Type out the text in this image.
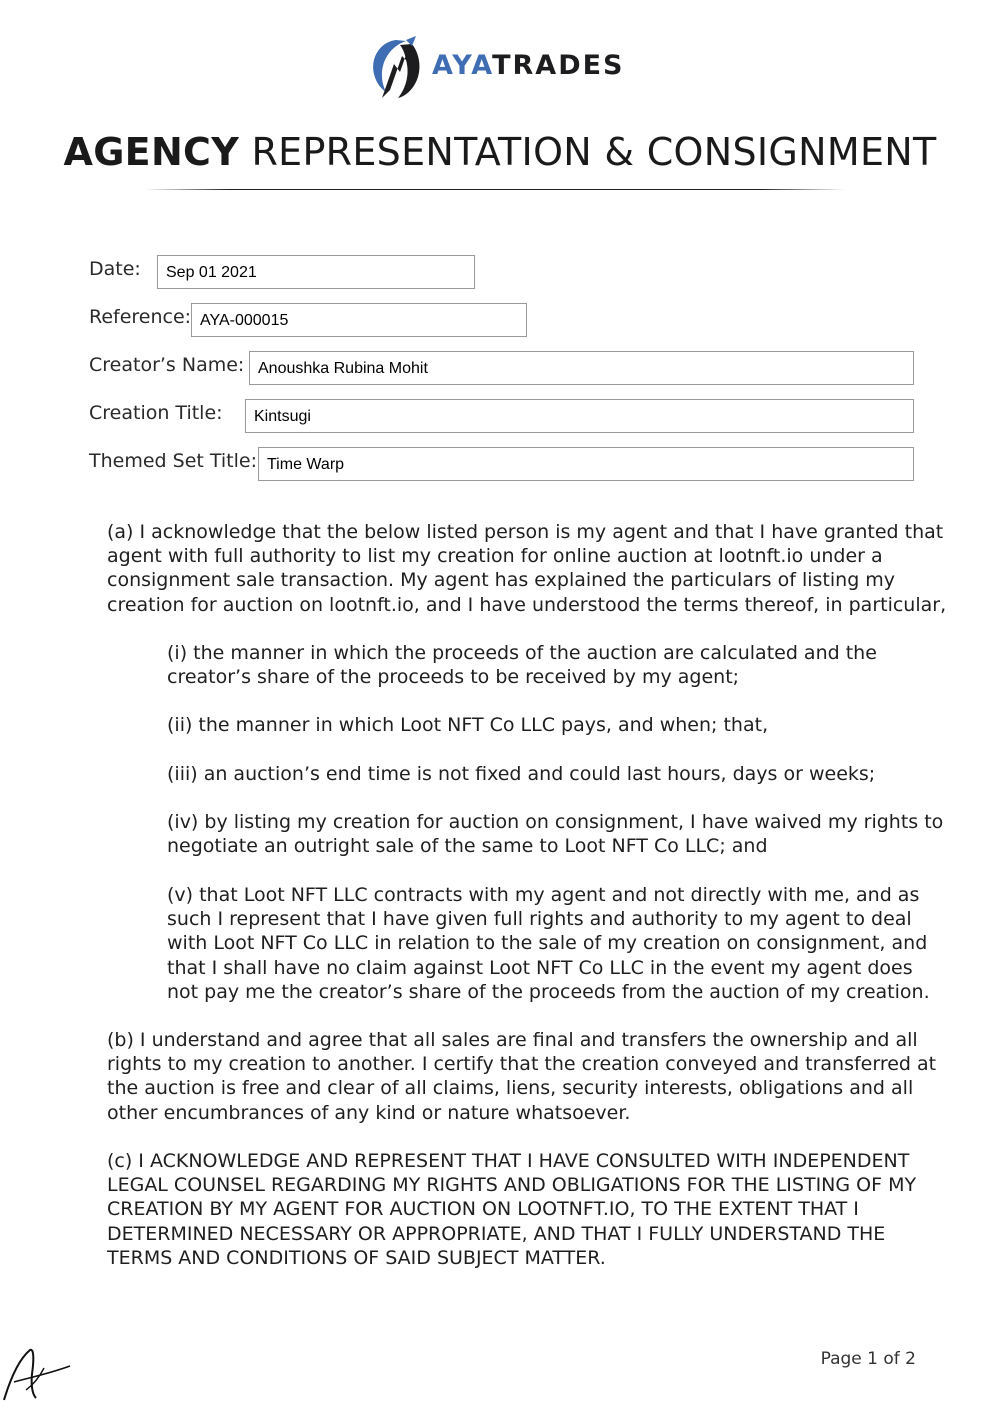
AYATRADES
AGENCY REPRESENTATION & CONSIGNMENT
Date:	Sep 01 2021
Reference: AYA-000015
Creator’s Name: Anoushka Rubina Mohit
Creation Title:	Kintsugi
Themed Set Title: Time Warp

(a) I acknowledge that the below listed person is my agent and that I have granted that agent with full authority to list my creation for online auction at lootnft.io under a consignment sale transaction. My agent has explained the particulars of listing my creation for auction on lootnft.io, and I have understood the terms thereof, in particular,

(i) the manner in which the proceeds of the auction are calculated and the creator’s share of the proceeds to be received by my agent;

(ii) the manner in which Loot NFT Co LLC pays, and when; that,

(iii) an auction’s end time is not fixed and could last hours, days or weeks;

(iv) by listing my creation for auction on consignment, I have waived my rights to negotiate an outright sale of the same to Loot NFT Co LLC; and

(v) that Loot NFT LLC contracts with my agent and not directly with me, and as such I represent that I have given full rights and authority to my agent to deal with Loot NFT Co LLC in relation to the sale of my creation on consignment, and that I shall have no claim against Loot NFT Co LLC in the event my agent does not pay me the creator’s share of the proceeds from the auction of my creation.

(b) I understand and agree that all sales are final and transfers the ownership and all rights to my creation to another. I certify that the creation conveyed and transferred at the auction is free and clear of all claims, liens, security interests, obligations and all other encumbrances of any kind or nature whatsoever.

(c) I ACKNOWLEDGE AND REPRESENT THAT I HAVE CONSULTED WITH INDEPENDENT LEGAL COUNSEL REGARDING MY RIGHTS AND OBLIGATIONS FOR THE LISTING OF MY CREATION BY MY AGENT FOR AUCTION ON LOOTNFT.IO, TO THE EXTENT THAT I DETERMINED NECESSARY OR APPROPRIATE, AND THAT I FULLY UNDERSTAND THE TERMS AND CONDITIONS OF SAID SUBJECT MATTER.

Page 1 of 2
